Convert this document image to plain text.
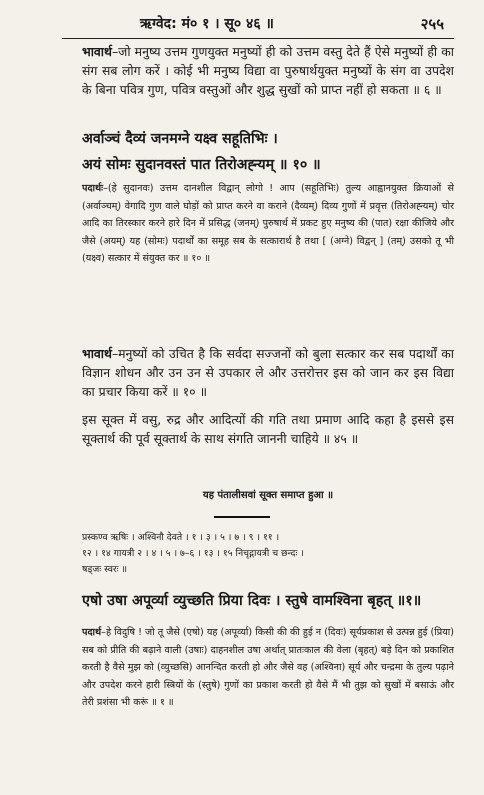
ऋग्वेद: मं० १ । सू० ४६ ॥	२५५

भावार्थ–जो मनुष्य उत्तम गुणयुक्त मनुष्यों ही को उत्तम वस्तु देते हैं ऐसे मनुष्यों ही का संग सब लोग करें । कोई भी मनुष्य विद्या वा पुरुषार्थयुक्त मनुष्यों के संग वा उपदेश के बिना पवित्र गुण, पवित्र वस्तुओं और शुद्ध सुखों को प्राप्त नहीं हो सकता ॥ ६ ॥

अर्वाञ्चं दैव्यं जनमग्ने यक्ष्व सहूतिभिः ।

अयं सोमः सुदानवस्तं पात तिरोअह्न्यम् ॥ १० ॥

पदार्थः–(हे सुदानवः) उत्तम दानशील विद्वान् लोगो ! आप (सहूतिभिः) तुल्य आह्वानयुक्त क्रियाओं से (अर्वाञ्चम्) वेगादि गुण वाले घोड़ों को प्राप्त करने वा कराने (दैव्यम्) दिव्य गुणों में प्रवृत्त (तिरोअह्न्यम्) चोर आदि का तिरस्कार करने हारे दिन में प्रसिद्ध (जनम्) पुरुषार्थ में प्रकट हुए मनुष्य की (पात) रक्षा कीजिये और जैसे (अयम्) यह (सोमः) पदार्थों का समूह सब के सत्कारार्थ है तथा [ (अग्ने) विद्वन् ] (तम्) उसको तू भी (यक्ष्व) सत्कार में संयुक्त कर ॥ १० ॥

भावार्थ–मनुष्यों को उचित है कि सर्वदा सज्जनों को बुला सत्कार कर सब पदार्थों का विज्ञान शोधन और उन उन से उपकार ले और उत्तरोत्तर इस को जान कर इस विद्या का प्रचार किया करें ॥ १० ॥

इस सूक्त में वसु, रुद्र और आदित्यों की गति तथा प्रमाण आदि कहा है इससे इस सूक्तार्थ की पूर्व सूक्तार्थ के साथ संगति जाननी चाहिये ॥ ४५ ॥

यह पंतालीसवां सूक्त समाप्त हुआ ॥

प्रस्कण्व ऋषिः । अश्विनौ देवते । १ । ३ । ५ । ७ । ९ । ११ ।

१२ । १४ गायत्री २ । ४ । ५ । ७–६ । १३ । १५ निचृद्गायत्री च छन्दः ।

षड्जः स्वरः ॥

एषो उषा अपूर्व्या व्युच्छति प्रिया दिवः । स्तुषे वामश्विना बृहत् ॥१॥

पदार्थ–हे विदुषि ! जो तू जैसे (एषो) यह (अपूर्व्या) किसी की की हुई न (दिवः) सूर्यप्रकाश से उत्पन्न हुई (प्रिया) सब को प्रीति की बढ़ाने वाली (उषाः) दाहनशील उषा अर्थात् प्रातःकाल की वेला (बृहत्) बड़े दिन को प्रकाशित करती है वैसे मुझ को (व्युच्छसि) आनन्दित करती हो और जैसे वह (अश्विना) सूर्य और चन्द्रमा के तुल्य पढ़ाने और उपदेश करने हारी स्त्रियों के (स्तुषे) गुणों का प्रकाश करती हो वैसे मैं भी तुझ को सुखों में बसाऊं और तेरी प्रशंसा भी करूं ॥ १ ॥
